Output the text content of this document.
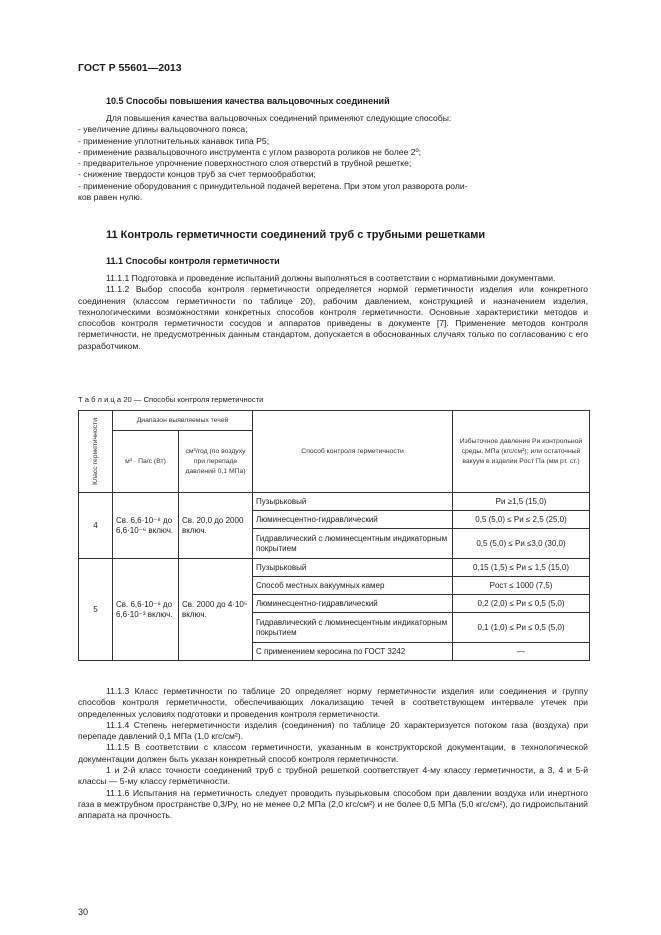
ГОСТ Р 55601—2013
10.5 Способы повышения качества вальцовочных соединений
Для повышения качества вальцовочных соединений применяют следующие способы:
- увеличение длины вальцовочного пояса;
- применение уплотнительных канавок типа Р5;
- применение развальцовочного инструмента с углом разворота роликов не более 2º;
- предварительное упрочнение поверхностного слоя отверстий в трубной решетке;
- снижение твердости концов труб за счет термообработки;
- применение оборудования с принудительной подачей веретена. При этом угол разворота роли-
ков равен нулю.
11 Контроль герметичности соединений труб с трубными решетками
11.1 Способы контроля герметичности

11.1.1 Подготовка и проведение испытаний должны выполняться в соответствии с нормативными документами.

11.1.2 Выбор способа контроля герметичности определяется нормой герметичности изделия или конкретного соединения (классом герметичности по таблице 20), рабочим давлением, конструкцией и назначением изделия, технологическими возможностями конкретных способов контроля герметичности. Основные характеристики методов и способов контроля герметичности сосудов и аппаратов приведены в документе [7]. Применение методов контроля герметичности, не предусмотренных данным стандартом, допускается в обоснованных случаях только по согласованию с его разработчиком.

Т а б л и ц а 20 — Способы контроля герметичности
Класс герметичности	Диапазон выявляемых течей		Способ контроля герметичности	Избыточное давление Pи контрольной среды, МПа (кгс/см²); или остаточный вакуум в изделии Pост Па (мм рт. ст.)
	м³ · Па/с (Вт)	см³/год (по воздуху при перепаде давлений 0,1 МПа)		
4	Св. 6,6·10⁻⁸ до 6,6·10⁻⁶ включ.	Св. 20,0 до 2000 включ.	Пузырьковый	Pи ≥1,5 (15,0)
			Люминесцентно-гидравлический	0,5 (5,0) ≤ Pи ≤ 2,5 (25,0)
			Гидравлический с люминесцентным индикаторным покрытием	0,5 (5,0) ≤ Pи ≤3,0 (30,0)
5	Св. 6,6·10⁻⁶ до 6,6·10⁻³ включ.	Св. 2000 до 4·10⁵ включ.	Пузырьковый	0,15 (1,5) ≤ Pи ≤ 1,5 (15,0)
			Способ местных вакуумных камер	Pост ≤ 1000 (7,5)
			Люминесцентно-гидравлический	0,2 (2,0) ≤ Pи ≤ 0,5 (5,0)
			Гидравлический с люминесцентным индикаторным покрытием	0,1 (1,0) ≤ Pи ≤ 0,5 (5,0)
			С применением керосина по ГОСТ 3242	—

11.1.3 Класс герметичности по таблице 20 определяет норму герметичности изделия или соединения и группу способов контроля герметичности, обеспечивающих локализацию течей в соответствующем интервале утечек при определенных условиях подготовки и проведения контроля герметичности.

11.1.4 Степень негерметичности изделия (соединения) по таблице 20 характеризуется потоком газа (воздуха) при перепаде давлений 0,1 МПа (1,0 кгс/см²).

11.1.5 В соответствии с классом герметичности, указанным в конструкторской документации, в технологической документации должен быть указан конкретный способ контроля герметичности.

1 и 2-й класс точности соединений труб с трубной решеткой соответствует 4-му классу герметичности, а 3, 4 и 5-й классы — 5-му классу герметичности.

11.1.6 Испытания на герметичность следует проводить пузырьковым способом при давлении воздуха или инертного газа в межтрубном пространстве 0,3/Pу, но не менее 0,2 МПа (2,0 кгс/см²) и не более 0,5 МПа (5,0 кгс/см²), до гидроиспытаний аппарата на прочность.

30
